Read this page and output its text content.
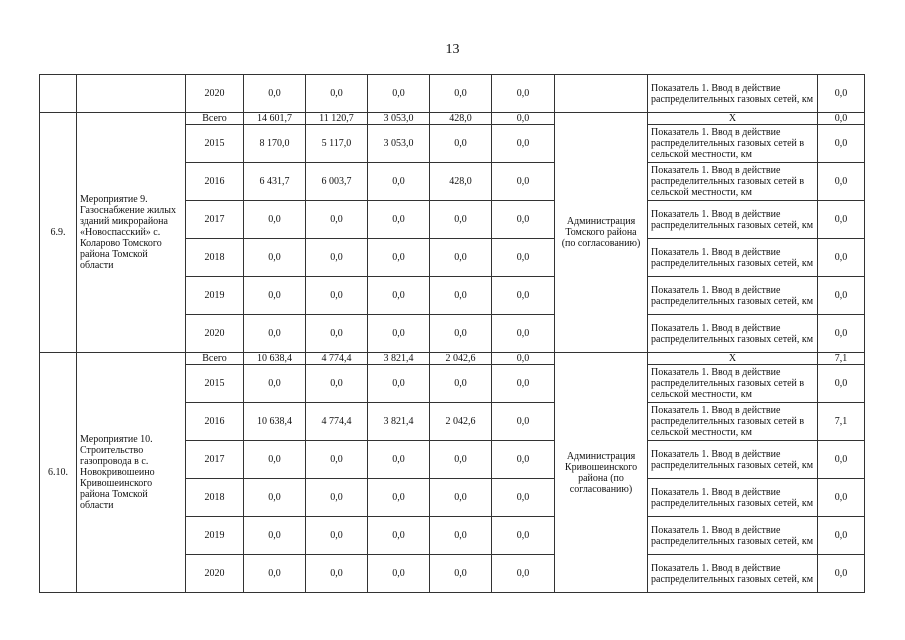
13
		2020	0,0	0,0	0,0	0,0	0,0		Показатель 1. Ввод в действие распределительных газовых сетей, км	0,0
6.9.	Мероприятие 9. Газоснабжение жилых зданий микрорайона «Новоспасский» с. Коларово Томского района Томской области	Всего	14 601,7	11 120,7	3 053,0	428,0	0,0	Администрация Томского района (по согласованию)	X	0,0
		2015	8 170,0	5 117,0	3 053,0	0,0	0,0		Показатель 1. Ввод в действие распределительных газовых сетей в сельской местности, км	0,0
		2016	6 431,7	6 003,7	0,0	428,0	0,0		Показатель 1. Ввод в действие распределительных газовых сетей в сельской местности, км	0,0
		2017	0,0	0,0	0,0	0,0	0,0		Показатель 1. Ввод в действие распределительных газовых сетей, км	0,0
		2018	0,0	0,0	0,0	0,0	0,0		Показатель 1. Ввод в действие распределительных газовых сетей, км	0,0
		2019	0,0	0,0	0,0	0,0	0,0		Показатель 1. Ввод в действие распределительных газовых сетей, км	0,0
		2020	0,0	0,0	0,0	0,0	0,0		Показатель 1. Ввод в действие распределительных газовых сетей, км	0,0
6.10.	Мероприятие 10. Строительство газопровода в с. Новокривошеино Кривошеинского района Томской области	Всего	10 638,4	4 774,4	3 821,4	2 042,6	0,0	Администрация Кривошеинского района (по согласованию)	X	7,1
		2015	0,0	0,0	0,0	0,0	0,0		Показатель 1. Ввод в действие распределительных газовых сетей в сельской местности, км	0,0
		2016	10 638,4	4 774,4	3 821,4	2 042,6	0,0		Показатель 1. Ввод в действие распределительных газовых сетей в сельской местности, км	7,1
		2017	0,0	0,0	0,0	0,0	0,0		Показатель 1. Ввод в действие распределительных газовых сетей, км	0,0
		2018	0,0	0,0	0,0	0,0	0,0		Показатель 1. Ввод в действие распределительных газовых сетей, км	0,0
		2019	0,0	0,0	0,0	0,0	0,0		Показатель 1. Ввод в действие распределительных газовых сетей, км	0,0
		2020	0,0	0,0	0,0	0,0	0,0		Показатель 1. Ввод в действие распределительных газовых сетей, км	0,0
